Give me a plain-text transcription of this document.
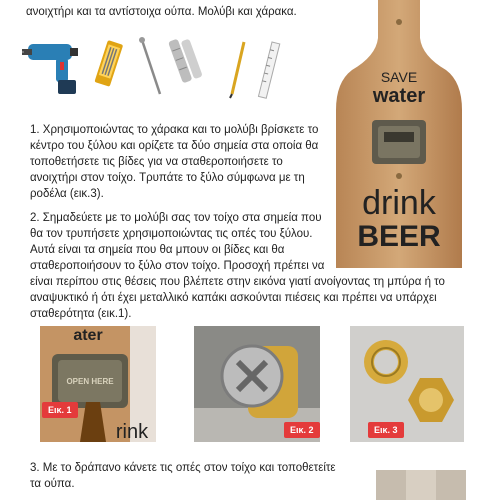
ανοιχτήρι και τα αντίστοιχα ούπα. Μολύβι και χάρακα.

SAVE
water
drink
BEER

1. Χρησιμοποιώντας το χάρακα και το μολύβι βρίσκετε το

κέντρο του ξύλου και ορίζετε τα δύο σημεία στα οποία θα

τοποθετήσετε τις βίδες για να σταθεροποιήσετε το

ανοιχτήρι στον τοίχο. Τρυπάτε το ξύλο σύμφωνα με τη

ροδέλα (εικ.3).

2. Σημαδεύετε με το μολύβι σας τον τοίχο στα σημεία που

θα τον τρυπήσετε χρησιμοποιώντας τις οπές του ξύλου.

Αυτά είναι τα σημεία που θα μπουν οι βίδες και θα

σταθεροποιήσουν το ξύλο στον τοίχο. Προσοχή πρέπει να

είναι περίπου στις θέσεις που βλέπετε στην εικόνα γιατί ανοίγοντας τη μπύρα ή το

αναψυκτικό ή ότι έχει μεταλλικό καπάκι ασκούνται πιέσεις και πρέπει να υπάρχει

σταθερότητα (εικ.1).

ater
OPEN HERE
rink
Εικ. 1
Εικ. 2	Εικ. 3

3. Με το δράπανο κάνετε τις οπές στον τοίχο και τοποθετείτε

τα ούπα.
